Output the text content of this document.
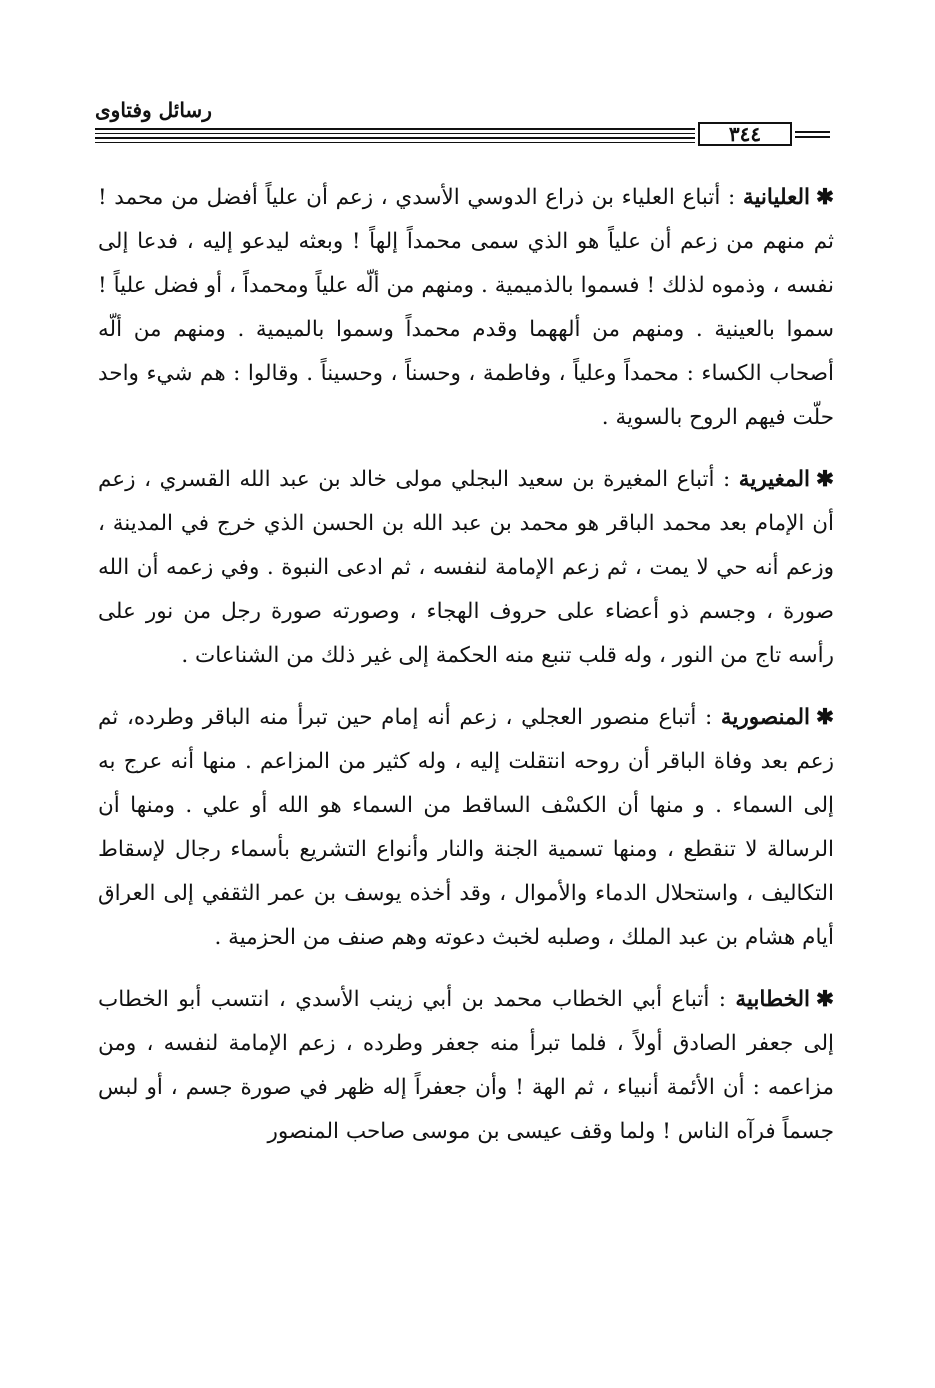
رسائل وفتاوى
٣٤٤

✱العليانية : أتباع العلياء بن ذراع الدوسي الأسدي ، زعم أن علياً أفضل من محمد ! ثم منهم من زعم أن علياً هو الذي سمى محمداً إلهاً ! وبعثه ليدعو إليه ، فدعا إلى نفسه ، وذموه لذلك ! فسموا بالذميمية . ومنهم من ألّه علياً ومحمداً ، أو فضل علياً ! سموا بالعينية . ومنهم من ألههما وقدم محمداً وسموا بالميمية . ومنهم من ألّه أصحاب الكساء : محمداً وعلياً ، وفاطمة ، وحسناً ، وحسيناً . وقالوا : هم شيء واحد حلّت فيهم الروح بالسوية .

✱المغيرية : أتباع المغيرة بن سعيد البجلي مولى خالد بن عبد الله القسري ، زعم أن الإمام بعد محمد الباقر هو محمد بن عبد الله بن الحسن الذي خرج في المدينة ، وزعم أنه حي لا يمت ، ثم زعم الإمامة لنفسه ، ثم ادعى النبوة . وفي زعمه أن الله صورة ، وجسم ذو أعضاء على حروف الهجاء ، وصورته صورة رجل من نور على رأسه تاج من النور ، وله قلب تنبع منه الحكمة إلى غير ذلك من الشناعات .

✱المنصورية : أتباع منصور العجلي ، زعم أنه إمام حين تبرأ منه الباقر وطرده، ثم زعم بعد وفاة الباقر أن روحه انتقلت إليه ، وله كثير من المزاعم . منها أنه عرج به إلى السماء . و منها أن الكسْف الساقط من السماء هو الله أو علي . ومنها أن الرسالة لا تنقطع ، ومنها تسمية الجنة والنار وأنواع التشريع بأسماء رجال لإسقاط التكاليف ، واستحلال الدماء والأموال ، وقد أخذه يوسف بن عمر الثقفي إلى العراق أيام هشام بن عبد الملك ، وصلبه لخبث دعوته وهم صنف من الحزمية .

✱الخطابية : أتباع أبي الخطاب محمد بن أبي زينب الأسدي ، انتسب أبو الخطاب إلى جعفر الصادق أولاً ، فلما تبرأ منه جعفر وطرده ، زعم الإمامة لنفسه ، ومن مزاعمه : أن الأئمة أنبياء ، ثم الهة ! وأن جعفراً إله ظهر في صورة جسم ، أو لبس جسماً فرآه الناس ! ولما وقف عيسى بن موسى صاحب المنصور
